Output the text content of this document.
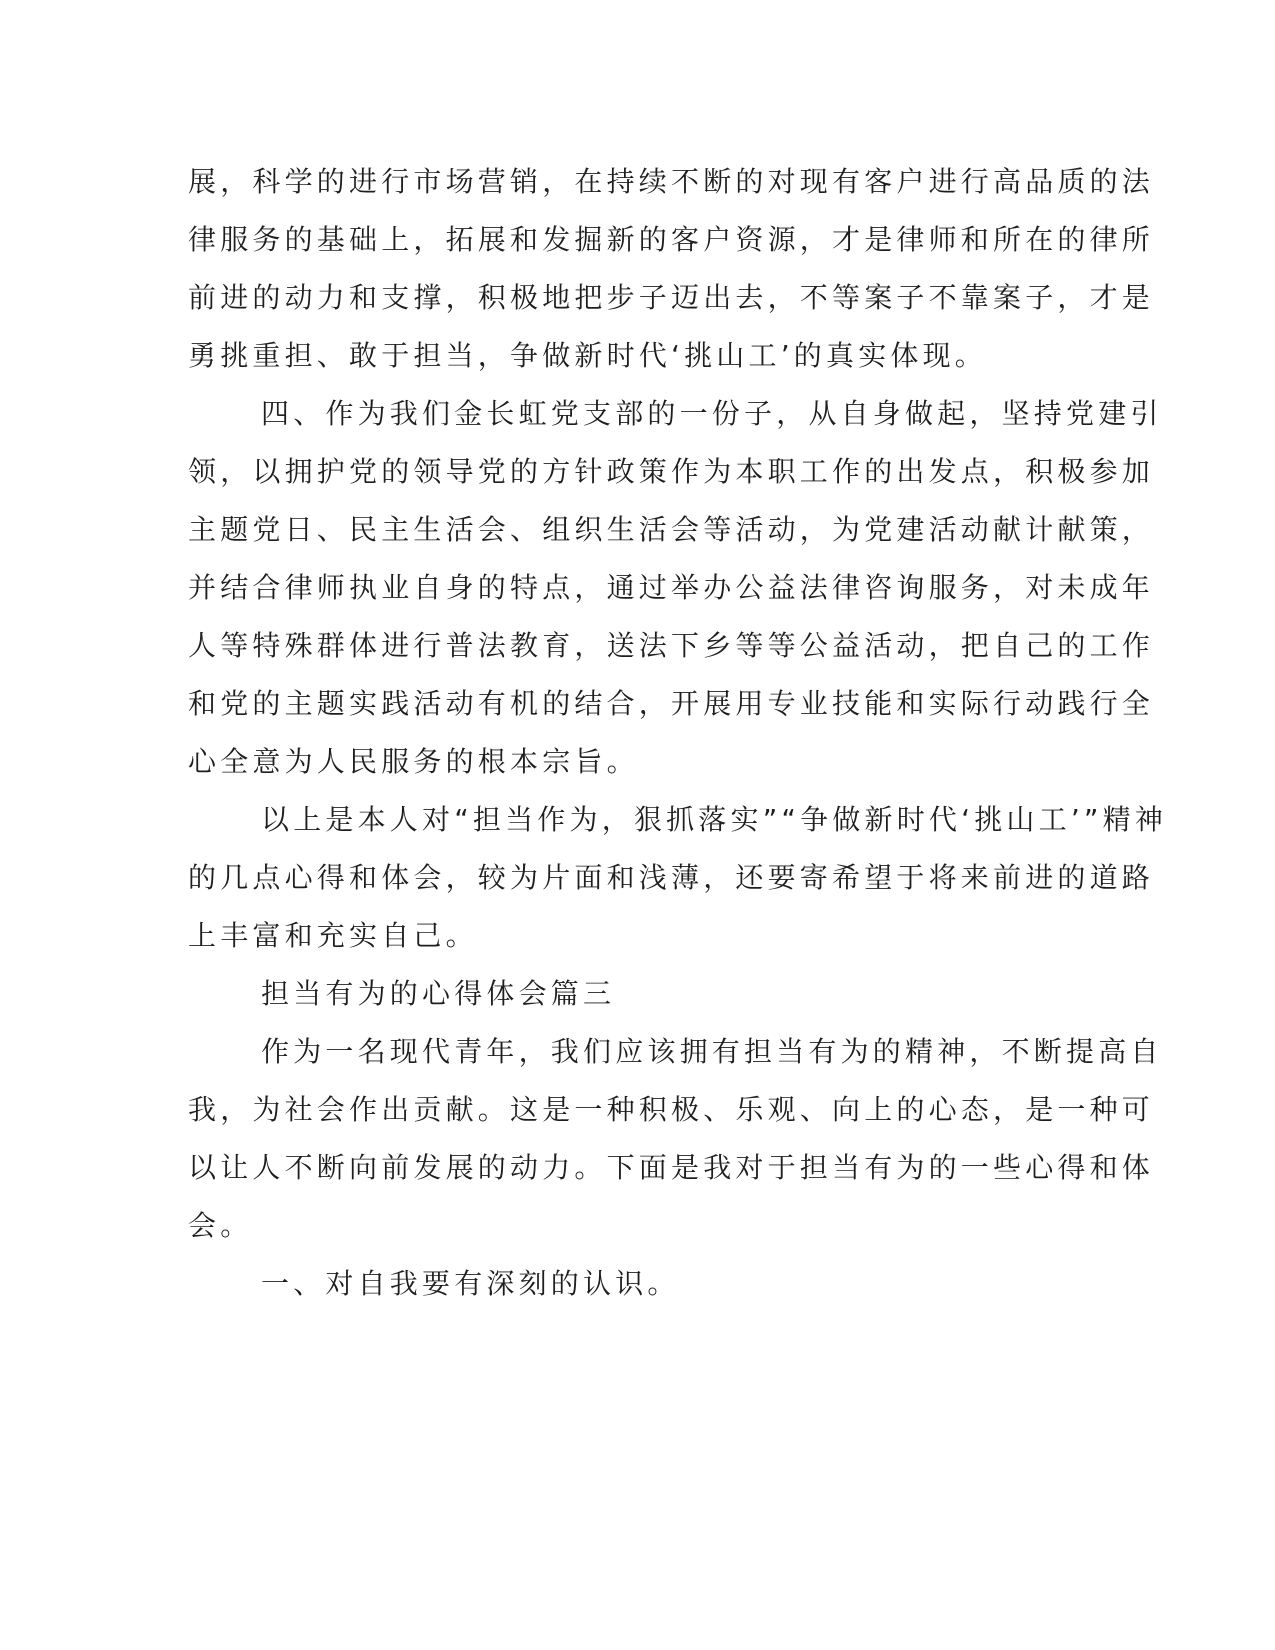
展，科学的进行市场营销，在持续不断的对现有客户进行高品质的法

律服务的基础上，拓展和发掘新的客户资源，才是律师和所在的律所

前进的动力和支撑，积极地把步子迈出去，不等案子不靠案子，才是

勇挑重担、敢于担当，争做新时代‘挑山工’的真实体现。

四、作为我们金长虹党支部的一份子，从自身做起，坚持党建引

领，以拥护党的领导党的方针政策作为本职工作的出发点，积极参加

主题党日、民主生活会、组织生活会等活动，为党建活动献计献策，

并结合律师执业自身的特点，通过举办公益法律咨询服务，对未成年

人等特殊群体进行普法教育，送法下乡等等公益活动，把自己的工作

和党的主题实践活动有机的结合，开展用专业技能和实际行动践行全

心全意为人民服务的根本宗旨。

以上是本人对“担当作为，狠抓落实”“争做新时代‘挑山工’”精神

的几点心得和体会，较为片面和浅薄，还要寄希望于将来前进的道路

上丰富和充实自己。

担当有为的心得体会篇三

作为一名现代青年，我们应该拥有担当有为的精神，不断提高自

我，为社会作出贡献。这是一种积极、乐观、向上的心态，是一种可

以让人不断向前发展的动力。下面是我对于担当有为的一些心得和体

会。

一、对自我要有深刻的认识。
